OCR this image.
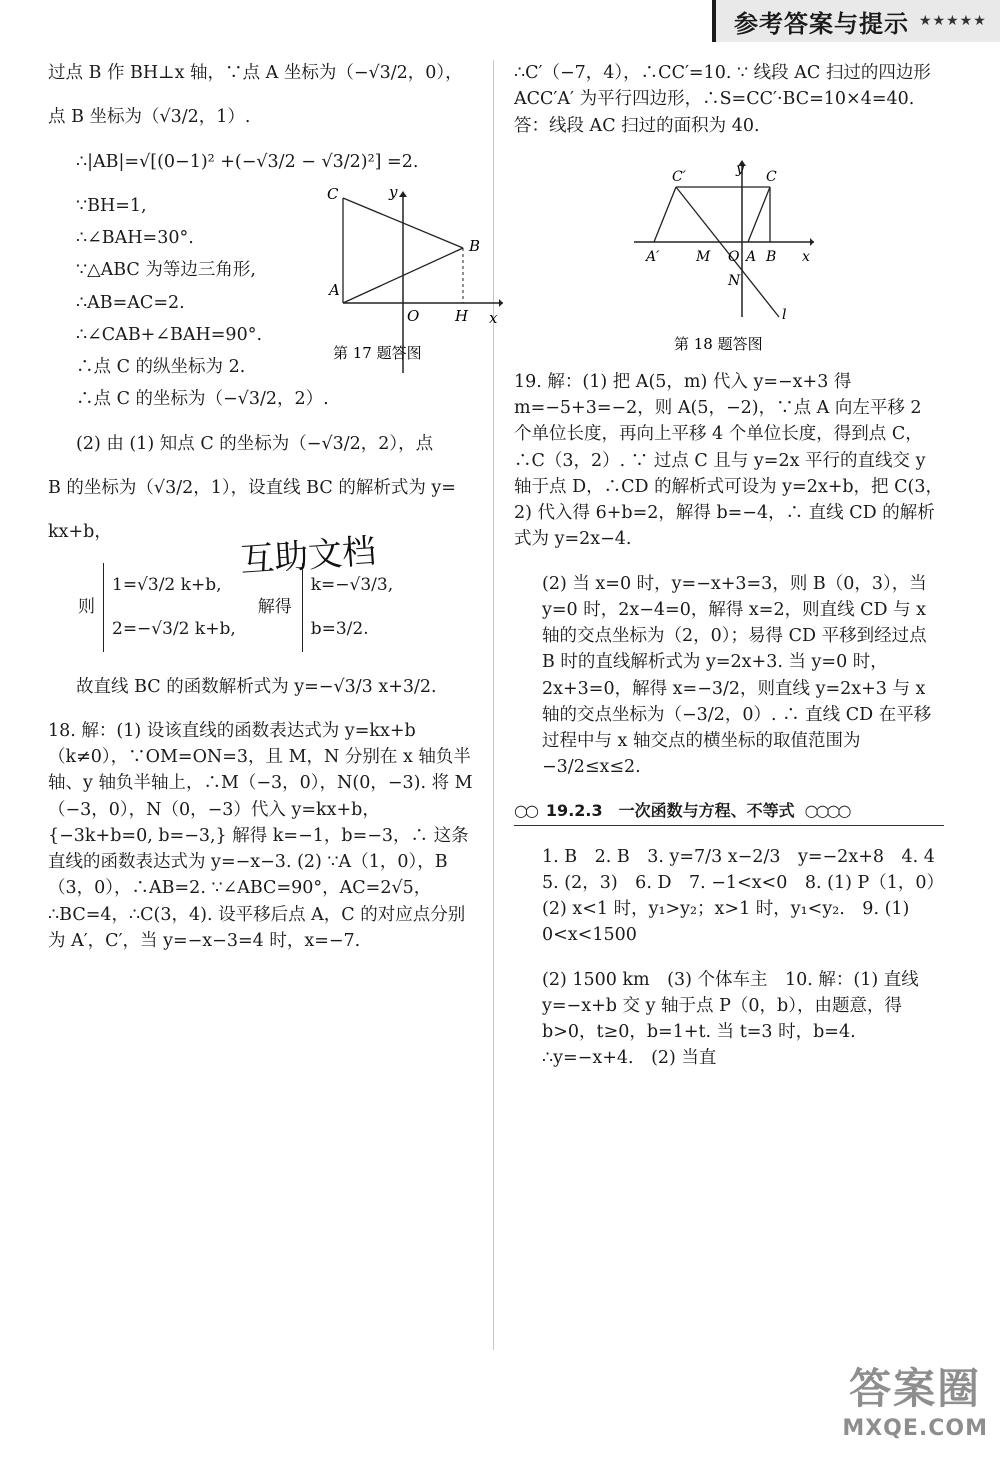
参考答案与提示 ★★★★★

过点 B 作 BH⊥x 轴，∵点 A 坐标为（−√3/2，0），

点 B 坐标为（√3/2，1）.

∴|AB|=√[(0−1)² +(−√3/2 − √3/2)²] =2.

∵BH=1,

∴∠BAH=30°.

∵△ABC 为等边三角形,

∴AB=AC=2.

∴∠CAB+∠BAH=90°.

∴点 C 的纵坐标为 2.

∴点 C 的坐标为（−√3/2，2）.

C	y
B
A
O H x
第 17 题答图

(2) 由 (1) 知点 C 的坐标为（−√3/2，2），点

B 的坐标为（√3/2，1），设直线 BC 的解析式为 y=

kx+b，

则
1=√3/2 k+b,
2=−√3/2 k+b,
解得
k=−√3/3,
b=3/2.

故直线 BC 的函数解析式为 y=−√3/3 x+3/2.

18. 解：(1) 设该直线的函数表达式为 y=kx+b（k≠0），∵OM=ON=3，且 M，N 分别在 x 轴负半轴、y 轴负半轴上，∴M（−3，0），N(0，−3). 将 M（−3，0），N（0，−3）代入 y=kx+b，{−3k+b=0, b=−3,} 解得 k=−1，b=−3，∴ 这条直线的函数表达式为 y=−x−3. (2) ∵A（1，0），B（3，0），∴AB=2. ∵∠ABC=90°，AC=2√5，∴BC=4，∴C(3，4). 设平移后点 A，C 的对应点分别为 A′，C′，当 y=−x−3=4 时，x=−7.

互助文档

∴C′（−7，4），∴CC′=10. ∵ 线段 AC 扫过的四边形 ACC′A′ 为平行四边形，∴S=CC′·BC=10×4=40. 答：线段 AC 扫过的面积为 40.

y
C′	C
A′	M O A B x
N
l
第 18 题答图

19. 解：(1) 把 A(5，m) 代入 y=−x+3 得 m=−5+3=−2，则 A(5，−2)，∵点 A 向左平移 2 个单位长度，再向上平移 4 个单位长度，得到点 C，∴C（3，2）. ∵ 过点 C 且与 y=2x 平行的直线交 y 轴于点 D，∴CD 的解析式可设为 y=2x+b，把 C(3，2) 代入得 6+b=2，解得 b=−4，∴ 直线 CD 的解析式为 y=2x−4.

(2) 当 x=0 时，y=−x+3=3，则 B（0，3），当 y=0 时，2x−4=0，解得 x=2，则直线 CD 与 x 轴的交点坐标为（2，0）；易得 CD 平移到经过点 B 时的直线解析式为 y=2x+3. 当 y=0 时，2x+3=0，解得 x=−3/2，则直线 y=2x+3 与 x 轴的交点坐标为（−3/2，0）. ∴ 直线 CD 在平移过程中与 x 轴交点的横坐标的取值范围为 −3/2≤x≤2.

○○ 19.2.3　一次函数与方程、不等式 ○○○○

1. B　2. B　3. y=7/3 x−2/3　y=−2x+8　4. 4　5. (2，3)　6. D　7. −1<x<0　8. (1) P（1，0）　(2) x<1 时，y₁>y₂；x>1 时，y₁<y₂.　9. (1) 0<x<1500

(2) 1500 km　(3) 个体车主　10. 解：(1) 直线 y=−x+b 交 y 轴于点 P（0，b），由题意，得 b>0，t≥0，b=1+t. 当 t=3 时，b=4. ∴y=−x+4.　(2) 当直

答案圈
MXQE.COM
